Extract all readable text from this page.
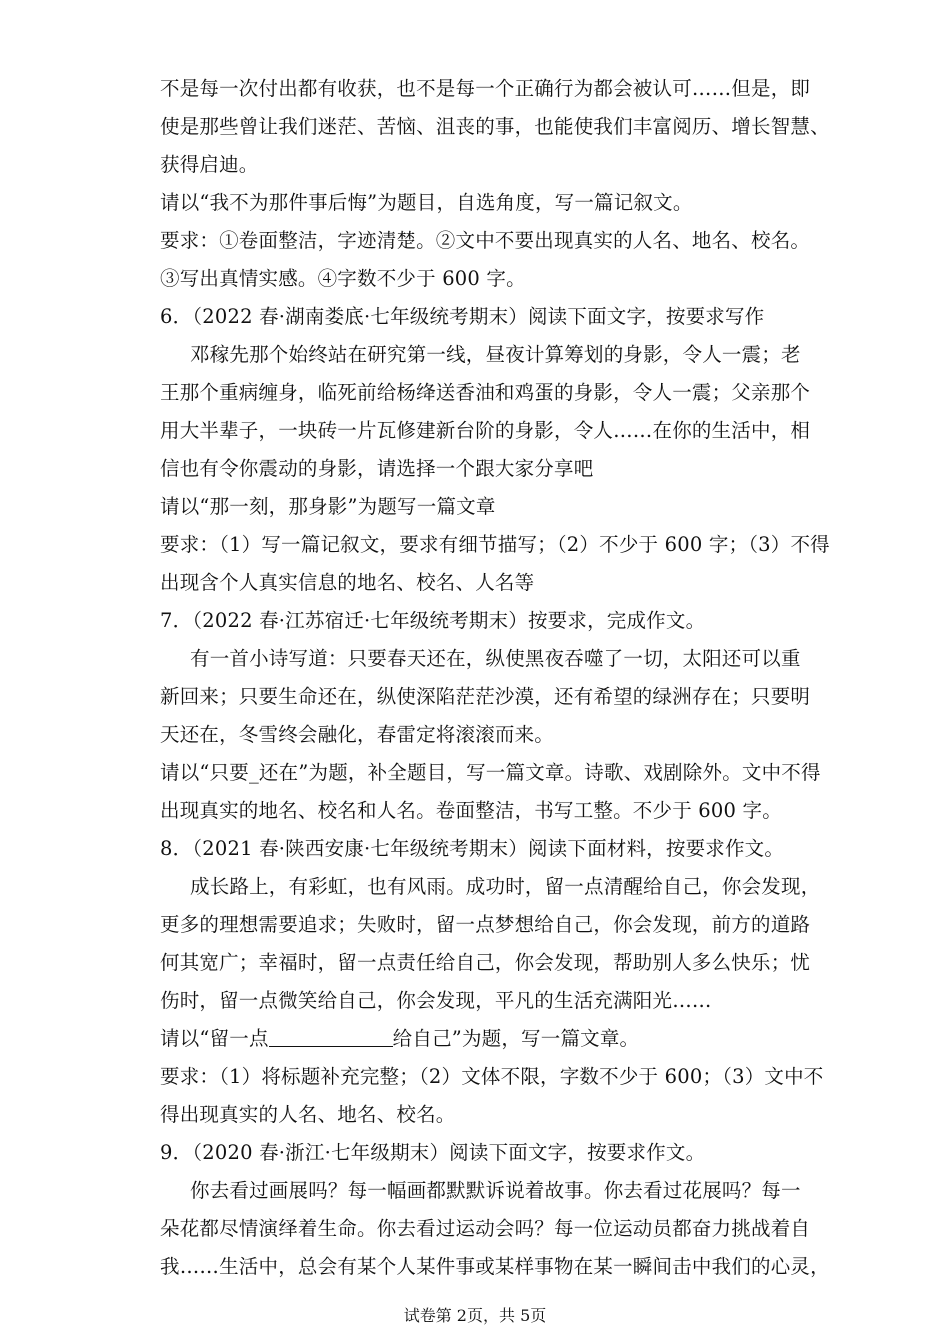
不是每一次付出都有收获，也不是每一个正确行为都会被认可……但是，即
使是那些曾让我们迷茫、苦恼、沮丧的事，也能使我们丰富阅历、增长智慧、
获得启迪。
请以“我不为那件事后悔”为题目，自选角度，写一篇记叙文。
要求：①卷面整洁，字迹清楚。②文中不要出现真实的人名、地名、校名。
③写出真情实感。④字数不少于 600 字。
6．（2022 春·湖南娄底·七年级统考期末）阅读下面文字，按要求写作
邓稼先那个始终站在研究第一线，昼夜计算筹划的身影，令人一震；老
王那个重病缠身，临死前给杨绛送香油和鸡蛋的身影，令人一震；父亲那个
用大半辈子，一块砖一片瓦修建新台阶的身影，令人……在你的生活中，相
信也有令你震动的身影，请选择一个跟大家分享吧
请以“那一刻，那身影”为题写一篇文章
要求：（1）写一篇记叙文，要求有细节描写；（2）不少于 600 字；（3）不得
出现含个人真实信息的地名、校名、人名等
7．（2022 春·江苏宿迁·七年级统考期末）按要求，完成作文。
有一首小诗写道：只要春天还在，纵使黑夜吞噬了一切，太阳还可以重
新回来；只要生命还在，纵使深陷茫茫沙漠，还有希望的绿洲存在；只要明
天还在，冬雪终会融化，春雷定将滚滚而来。
请以“只要_还在”为题，补全题目，写一篇文章。诗歌、戏剧除外。文中不得
出现真实的地名、校名和人名。卷面整洁，书写工整。不少于 600 字。
8．（2021 春·陕西安康·七年级统考期末）阅读下面材料，按要求作文。
成长路上，有彩虹，也有风雨。成功时，留一点清醒给自己，你会发现，
更多的理想需要追求；失败时，留一点梦想给自己，你会发现，前方的道路
何其宽广；幸福时，留一点责任给自己，你会发现，帮助别人多么快乐；忧
伤时，留一点微笑给自己，你会发现，平凡的生活充满阳光……
请以“留一点	给自己”为题，写一篇文章。
要求：（1）将标题补充完整；（2）文体不限，字数不少于 600；（3）文中不
得出现真实的人名、地名、校名。
9．（2020 春·浙江·七年级期末）阅读下面文字，按要求作文。
你去看过画展吗？每一幅画都默默诉说着故事。你去看过花展吗？每一
朵花都尽情演绎着生命。你去看过运动会吗？每一位运动员都奋力挑战着自
我……生活中，总会有某个人某件事或某样事物在某一瞬间击中我们的心灵，
试卷第 2页，共 5页
